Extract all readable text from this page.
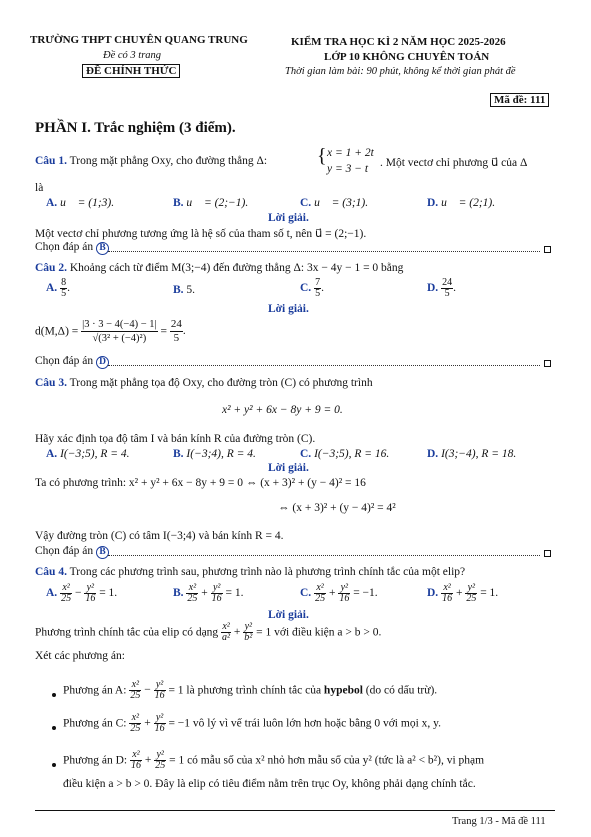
TRƯỜNG THPT CHUYÊN QUANG TRUNG
Đề có 3 trang
ĐỀ CHÍNH THỨC
KIỂM TRA HỌC KÌ 2 NĂM HỌC 2025-2026
LỚP 10 KHÔNG CHUYÊN TOÁN
Thời gian làm bài: 90 phút, không kể thời gian phát đề
Mã đề: 111
PHẦN I. Trắc nghiệm (3 điểm).
Câu 1. Trong mặt phẳng Oxy, cho đường thẳng Δ: { x = 1 + 2t
y = 3 − t . Một vectơ chỉ phương u⃗ của Δ
là
A. u⃗ = (1;3).	B. u⃗ = (2;−1).	C. u⃗ = (3;1).	D. u⃗ = (2;1).
Lời giải.
Một vectơ chỉ phương tương ứng là hệ số của tham số t, nên u⃗ = (2;−1).
Chọn đáp án B
Câu 2. Khoảng cách từ điểm M(3;−4) đến đường thẳng Δ: 3x − 4y − 1 = 0 bằng
A. $\frac{8}{5}$ .	B. 5.	C. $\frac{7}{5}$ .	D. $\frac{24}{5}$ .
Lời giải.
$d(M,\Delta) = \frac{|3 \cdot 3 - 4(-4) - 1|}{\text{√(3² + (−4)²)}} = \frac{24}{5}$ .
Chọn đáp án D
Câu 3. Trong mặt phẳng tọa độ Oxy, cho đường tròn (C) có phương trình
x² + y² + 6x − 8y + 9 = 0.
Hãy xác định tọa độ tâm I và bán kính R của đường tròn (C).
A. I(−3;5), R = 4.	B. I(−3;4), R = 4.	C. I(−3;5), R = 16.	D. I(3;−4), R = 18.
Lời giải.
Ta có phương trình: x² + y² + 6x − 8y + 9 = 0 ⇔ (x + 3)² + (y − 4)² = 16
⇔ (x + 3)² + (y − 4)² = 4²
Vậy đường tròn (C) có tâm I(−3;4) và bán kính R = 4.
Chọn đáp án B
Câu 4. Trong các phương trình sau, phương trình nào là phương trình chính tắc của một elip?
A. $\frac{\text{x²}}{25} - \frac{\text{y²}}{16} = 1$.	B. $\frac{\text{x²}}{25} + \frac{\text{y²}}{16} = 1$.	C. $\frac{\text{x²}}{25} + \frac{\text{y²}}{16} = -1$.	D. $\frac{\text{x²}}{16} + \frac{\text{y²}}{25} = 1$.
Lời giải.
Phương trình chính tắc của elip có dạng $\frac{\text{x²}}{\text{a²}} + \frac{\text{y²}}{\text{b²}} = 1$ với điều kiện a > b > 0.
Xét các phương án:
Phương án A: $\frac{\text{x²}}{25} - \frac{\text{y²}}{16} = 1$ là phương trình chính tắc của hypebol (do có dấu trừ).
Phương án C: $\frac{\text{x²}}{25} + \frac{\text{y²}}{16} = -1$ vô lý vì vế trái luôn lớn hơn hoặc bằng 0 với mọi x, y.
Phương án D: $\frac{\text{x²}}{16} + \frac{\text{y²}}{25} = 1$ có mẫu số của x² nhỏ hơn mẫu số của y² (tức là a² < b²), vi phạm
điều kiện a > b > 0. Đây là elip có tiêu điểm nằm trên trục Oy, không phải dạng chính tắc.
Trang 1/3 - Mã đề 111
